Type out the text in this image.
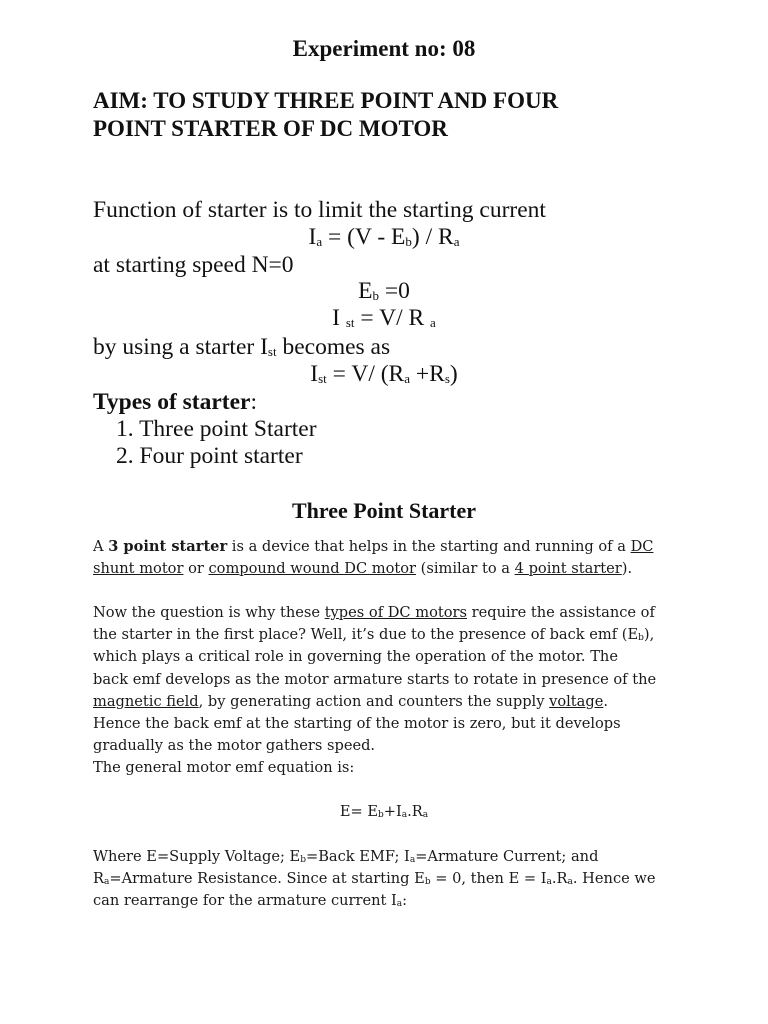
Experiment no: 08
AIM: TO STUDY THREE POINT AND FOUR
POINT STARTER OF DC MOTOR
Function of starter is to limit the starting current
$I_a = (V - E_b) / R_a$
at starting speed N=0
$E_b =0$
I $_{st}$ = V/ R $_a$
by using a starter $I_{st}$ becomes as
$I_{st} = V/$ $(R_a +R_s)$
Types of starter:
1. Three point Starter
2. Four point starter
Three Point Starter
A 3 point starter is a device that helps in the starting and running of a DC
shunt motor or compound wound DC motor (similar to a 4 point starter).
Now the question is why these types of DC motors require the assistance of
the starter in the first place? Well, it’s due to the presence of back emf $(E_b)$,
which plays a critical role in governing the operation of the motor. The
back emf develops as the motor armature starts to rotate in presence of the
magnetic field, by generating action and counters the supply voltage.
Hence the back emf at the starting of the motor is zero, but it develops
gradually as the motor gathers speed.
The general motor emf equation is:
$E= E_b+I_a.R_a$
Where E=Supply Voltage; $E_b=Back$ EMF; $I_a=Armature$ Current; and
$R_a=Armature$ Resistance. Since at starting $E_b = 0$, then $E = I_a.R_a$. Hence we
can rearrange for the armature current $I_a$:
